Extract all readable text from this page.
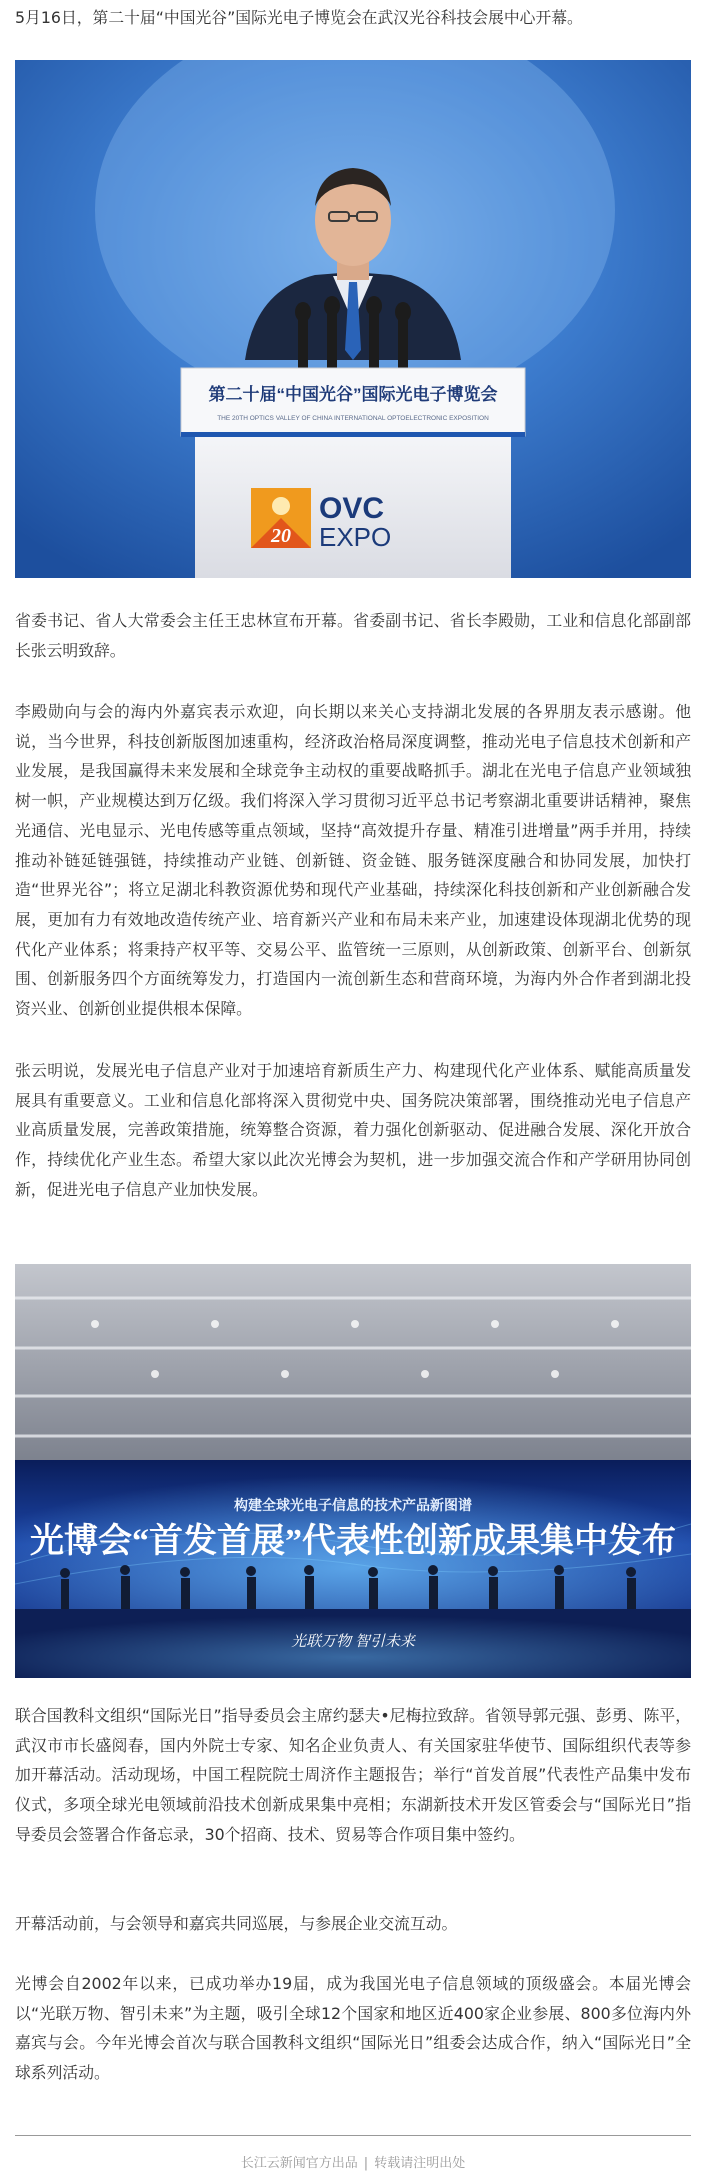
5月16日，第二十届“中国光谷”国际光电子博览会在武汉光谷科技会展中心开幕。

第二十届“中国光谷”国际光电子博览会
THE 20TH OPTICS VALLEY OF CHINA INTERNATIONAL OPTOELECTRONIC EXPOSITION
20
OVC
EXPO

省委书记、省人大常委会主任王忠林宣布开幕。省委副书记、省长李殿勋，工业和信息化部副部长张云明致辞。

李殿勋向与会的海内外嘉宾表示欢迎，向长期以来关心支持湖北发展的各界朋友表示感谢。他说，当今世界，科技创新版图加速重构，经济政治格局深度调整，推动光电子信息技术创新和产业发展，是我国赢得未来发展和全球竞争主动权的重要战略抓手。湖北在光电子信息产业领域独树一帜，产业规模达到万亿级。我们将深入学习贯彻习近平总书记考察湖北重要讲话精神，聚焦光通信、光电显示、光电传感等重点领域，坚持“高效提升存量、精准引进增量”两手并用，持续推动补链延链强链，持续推动产业链、创新链、资金链、服务链深度融合和协同发展，加快打造“世界光谷”；将立足湖北科教资源优势和现代产业基础，持续深化科技创新和产业创新融合发展，更加有力有效地改造传统产业、培育新兴产业和布局未来产业，加速建设体现湖北优势的现代化产业体系；将秉持产权平等、交易公平、监管统一三原则，从创新政策、创新平台、创新氛围、创新服务四个方面统筹发力，打造国内一流创新生态和营商环境，为海内外合作者到湖北投资兴业、创新创业提供根本保障。

张云明说，发展光电子信息产业对于加速培育新质生产力、构建现代化产业体系、赋能高质量发展具有重要意义。工业和信息化部将深入贯彻党中央、国务院决策部署，围绕推动光电子信息产业高质量发展，完善政策措施，统筹整合资源，着力强化创新驱动、促进融合发展、深化开放合作，持续优化产业生态。希望大家以此次光博会为契机，进一步加强交流合作和产学研用协同创新，促进光电子信息产业加快发展。

构建全球光电子信息的技术产品新图谱
光博会“首发首展”代表性创新成果集中发布
光联万物 智引未来

联合国教科文组织“国际光日”指导委员会主席约瑟夫•尼梅拉致辞。省领导郭元强、彭勇、陈平，武汉市市长盛阅春，国内外院士专家、知名企业负责人、有关国家驻华使节、国际组织代表等参加开幕活动。活动现场，中国工程院院士周济作主题报告；举行“首发首展”代表性产品集中发布仪式，多项全球光电领域前沿技术创新成果集中亮相；东湖新技术开发区管委会与“国际光日”指导委员会签署合作备忘录，30个招商、技术、贸易等合作项目集中签约。

开幕活动前，与会领导和嘉宾共同巡展，与参展企业交流互动。

光博会自2002年以来，已成功举办19届，成为我国光电子信息领域的顶级盛会。本届光博会以“光联万物、智引未来”为主题，吸引全球12个国家和地区近400家企业参展、800多位海内外嘉宾与会。今年光博会首次与联合国教科文组织“国际光日”组委会达成合作，纳入“国际光日”全球系列活动。

长江云新闻官方出品 | 转载请注明出处
